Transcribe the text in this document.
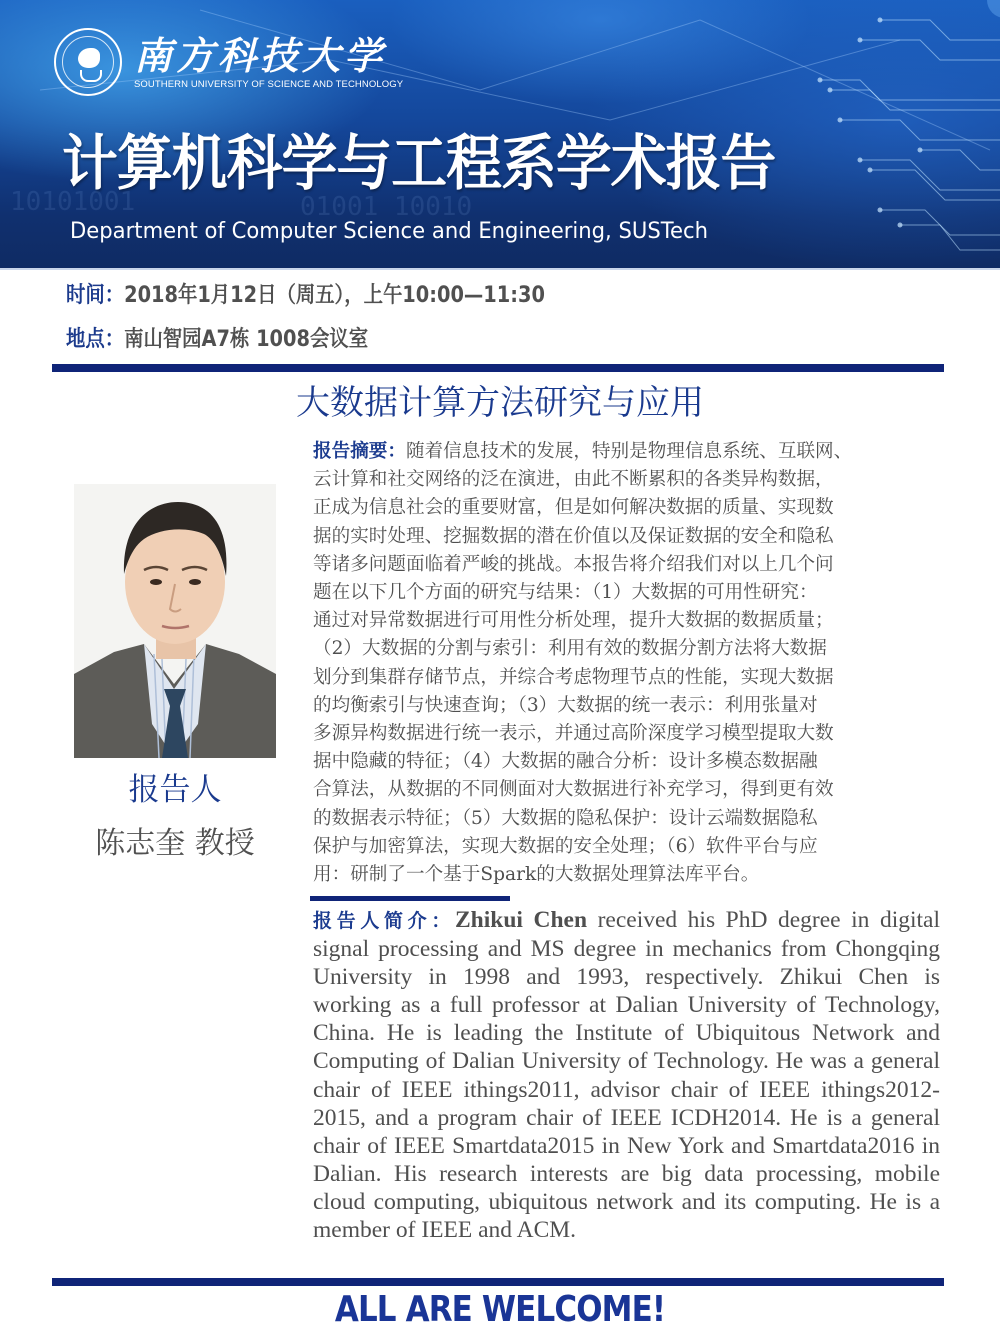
10101001	01001 10010
南方科技大学
SOUTHERN UNIVERSITY OF SCIENCE AND TECHNOLOGY
计算机科学与工程系学术报告
Department of Computer Science and Engineering, SUSTech
时间：2018年1月12日（周五），上午10:00—11:30
地点：南山智园A7栋 1008会议室
大数据计算方法研究与应用
报告人
陈志奎 教授
报告摘要：随着信息技术的发展，特别是物理信息系统、互联网、
云计算和社交网络的泛在演进，由此不断累积的各类异构数据，
正成为信息社会的重要财富，但是如何解决数据的质量、实现数
据的实时处理、挖掘数据的潜在价值以及保证数据的安全和隐私
等诸多问题面临着严峻的挑战。本报告将介绍我们对以上几个问
题在以下几个方面的研究与结果：（1）大数据的可用性研究：
通过对异常数据进行可用性分析处理，提升大数据的数据质量；
（2）大数据的分割与索引：利用有效的数据分割方法将大数据
划分到集群存储节点，并综合考虑物理节点的性能，实现大数据
的均衡索引与快速查询；（3）大数据的统一表示：利用张量对
多源异构数据进行统一表示，并通过高阶深度学习模型提取大数
据中隐藏的特征；（4）大数据的融合分析：设计多模态数据融
合算法，从数据的不同侧面对大数据进行补充学习，得到更有效
的数据表示特征；（5）大数据的隐私保护：设计云端数据隐私
保护与加密算法，实现大数据的安全处理；（6）软件平台与应
用：研制了一个基于Spark的大数据处理算法库平台。
报告人简介：Zhikui Chen received his PhD degree in digital signal processing and MS degree in mechanics from Chongqing University in 1998 and 1993, respectively. Zhikui Chen is working as a full professor at Dalian University of Technology, China. He is leading the Institute of Ubiquitous Network and Computing of Dalian University of Technology. He was a general chair of IEEE ithings2011, advisor chair of IEEE ithings2012-2015, and a program chair of IEEE ICDH2014. He is a general chair of IEEE Smartdata2015 in New York and Smartdata2016 in Dalian. His research interests are big data processing, mobile cloud computing, ubiquitous network and its computing. He is a member of IEEE and ACM.
ALL ARE WELCOME!
